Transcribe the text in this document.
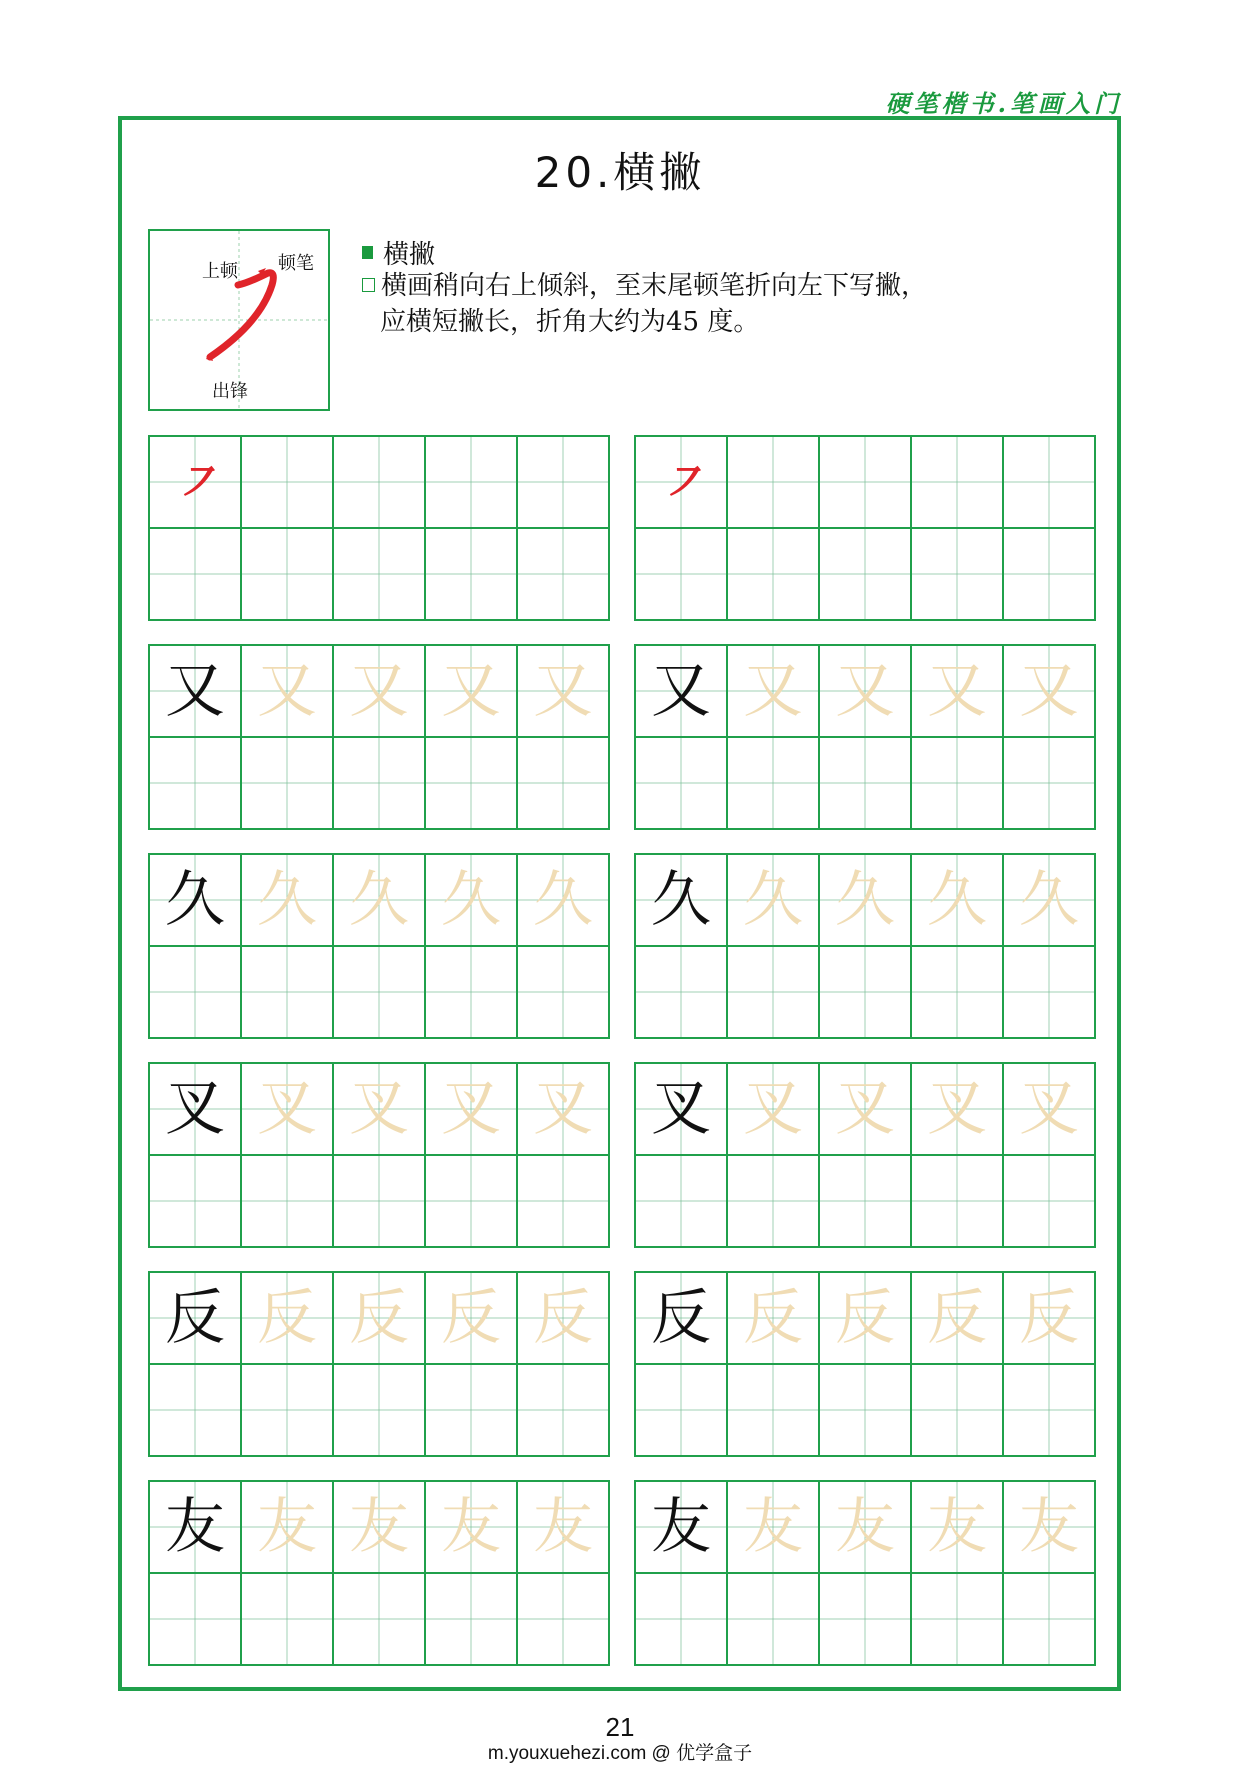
硬笔楷书.笔画入门
20.横撇
上顿 顿笔
出锋
横撇
横画稍向右上倾斜，至末尾顿笔折向左下写撇，
应横短撇长，折角大约为45 度。
㇇	㇇
又 又 又 又 又 又 又 又 又 又
久 久 久 久 久 久 久 久 久 久
叉 叉 叉 叉 叉 叉 叉 叉 叉 叉
反 反 反 反 反 反 反 反 反 反
友 友 友 友 友 友 友 友 友 友
21
m.youxuehezi.com @ 优学盒子
